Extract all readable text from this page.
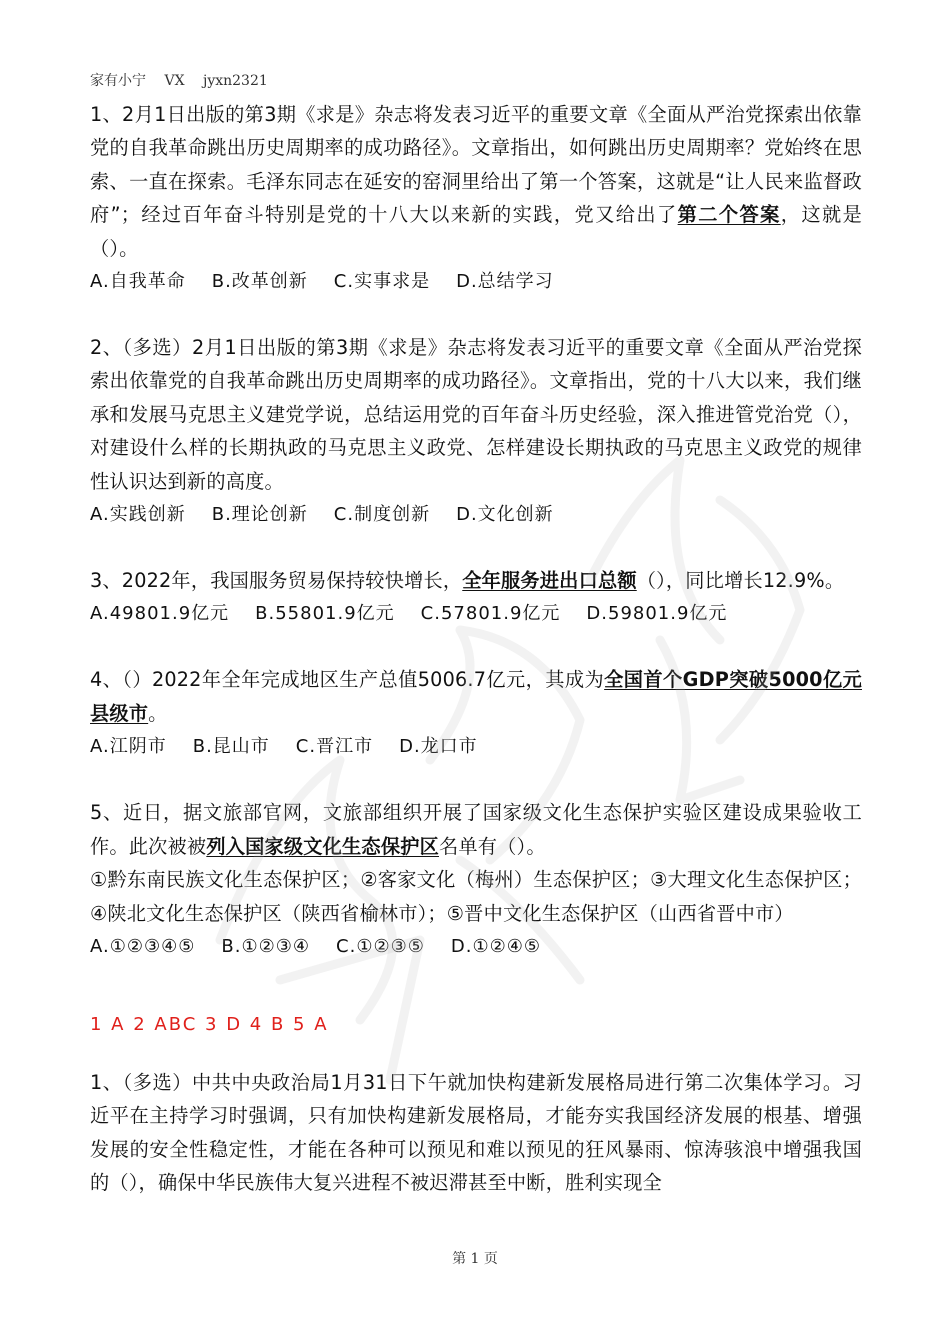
家有小宁 VX jyxn2321

1、2月1日出版的第3期《求是》杂志将发表习近平的重要文章《全面从严治党探索出依靠党的自我革命跳出历史周期率的成功路径》。文章指出，如何跳出历史周期率？党始终在思索、一直在探索。毛泽东同志在延安的窑洞里给出了第一个答案，这就是“让人民来监督政府”；经过百年奋斗特别是党的十八大以来新的实践，党又给出了第二个答案，这就是（）。

A.自我革命 B.改革创新 C.实事求是 D.总结学习

2、（多选）2月1日出版的第3期《求是》杂志将发表习近平的重要文章《全面从严治党探索出依靠党的自我革命跳出历史周期率的成功路径》。文章指出，党的十八大以来，我们继承和发展马克思主义建党学说，总结运用党的百年奋斗历史经验，深入推进管党治党（），对建设什么样的长期执政的马克思主义政党、怎样建设长期执政的马克思主义政党的规律性认识达到新的高度。

A.实践创新 B.理论创新 C.制度创新 D.文化创新

3、2022年，我国服务贸易保持较快增长，全年服务进出口总额（），同比增长12.9%。

A.49801.9亿元 B.55801.9亿元 C.57801.9亿元 D.59801.9亿元

4、（）2022年全年完成地区生产总值5006.7亿元，其成为全国首个GDP突破5000亿元县级市。

A.江阴市 B.昆山市 C.晋江市 D.龙口市

5、近日，据文旅部官网，文旅部组织开展了国家级文化生态保护实验区建设成果验收工作。此次被被列入国家级文化生态保护区名单有（）。

①黔东南民族文化生态保护区；②客家文化（梅州）生态保护区；③大理文化生态保护区；④陕北文化生态保护区（陕西省榆林市）；⑤晋中文化生态保护区（山西省晋中市）

A.①②③④⑤ B.①②③④ C.①②③⑤ D.①②④⑤

1 A 2 ABC 3 D 4 B 5 A

1、（多选）中共中央政治局1月31日下午就加快构建新发展格局进行第二次集体学习。习近平在主持学习时强调，只有加快构建新发展格局，才能夯实我国经济发展的根基、增强发展的安全性稳定性，才能在各种可以预见和难以预见的狂风暴雨、惊涛骇浪中增强我国的（），确保中华民族伟大复兴进程不被迟滞甚至中断，胜利实现全

第 1 页
